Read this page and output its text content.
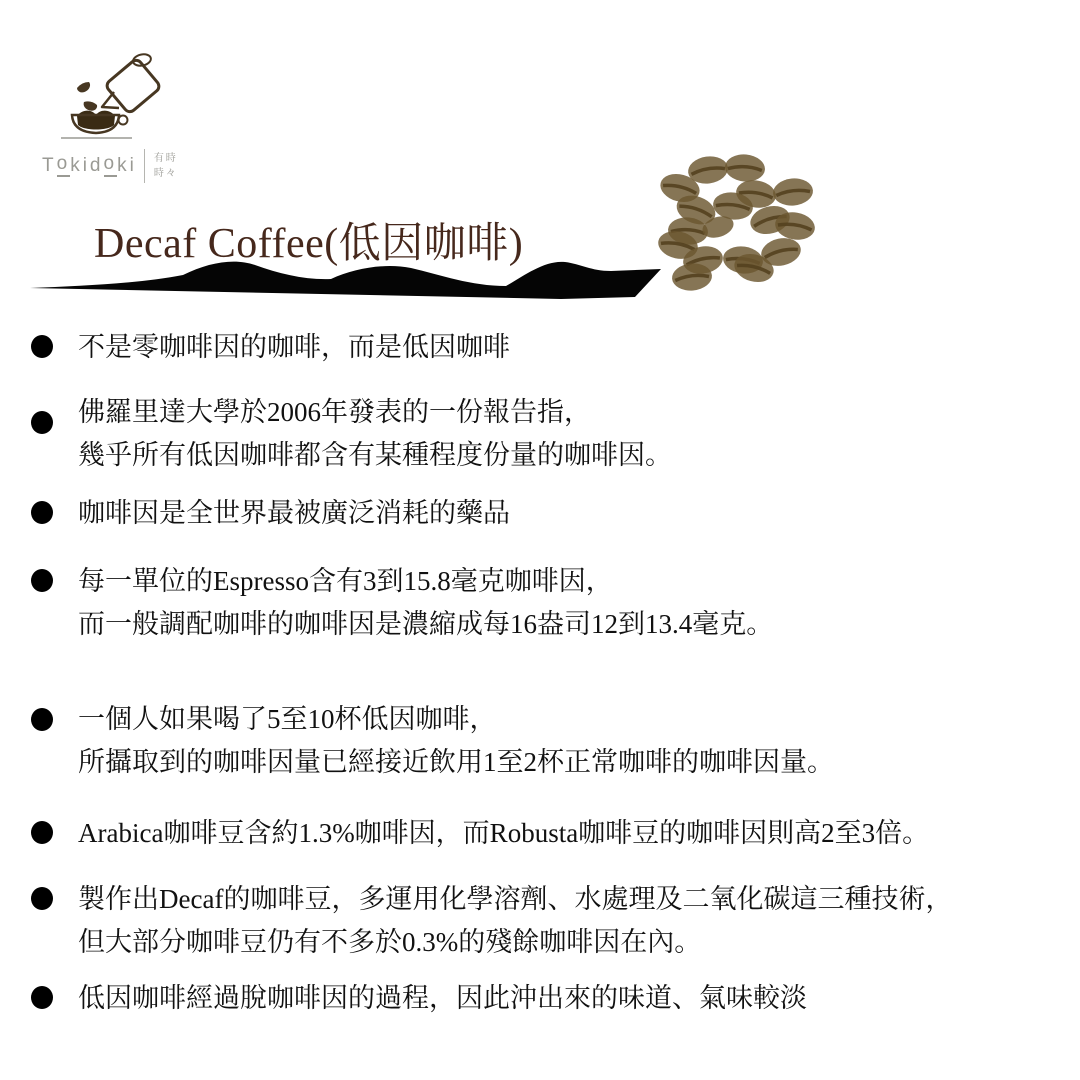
T o k i d o k i 有時
時々
Decaf Coffee(低因咖啡)
不是零咖啡因的咖啡，而是低因咖啡
佛羅里達大學於2006年發表的一份報告指，
幾乎所有低因咖啡都含有某種程度份量的咖啡因。
咖啡因是全世界最被廣泛消耗的藥品
每一單位的Espresso含有3到15.8毫克咖啡因，
而一般調配咖啡的咖啡因是濃縮成每16盎司12到13.4毫克。
一個人如果喝了5至10杯低因咖啡，
所攝取到的咖啡因量已經接近飲用1至2杯正常咖啡的咖啡因量。
Arabica咖啡豆含約1.3%咖啡因，而Robusta咖啡豆的咖啡因則高2至3倍。
製作出Decaf的咖啡豆，多運用化學溶劑、水處理及二氧化碳這三種技術，
但大部分咖啡豆仍有不多於0.3%的殘餘咖啡因在內。
低因咖啡經過脫咖啡因的過程，因此沖出來的味道、氣味較淡
